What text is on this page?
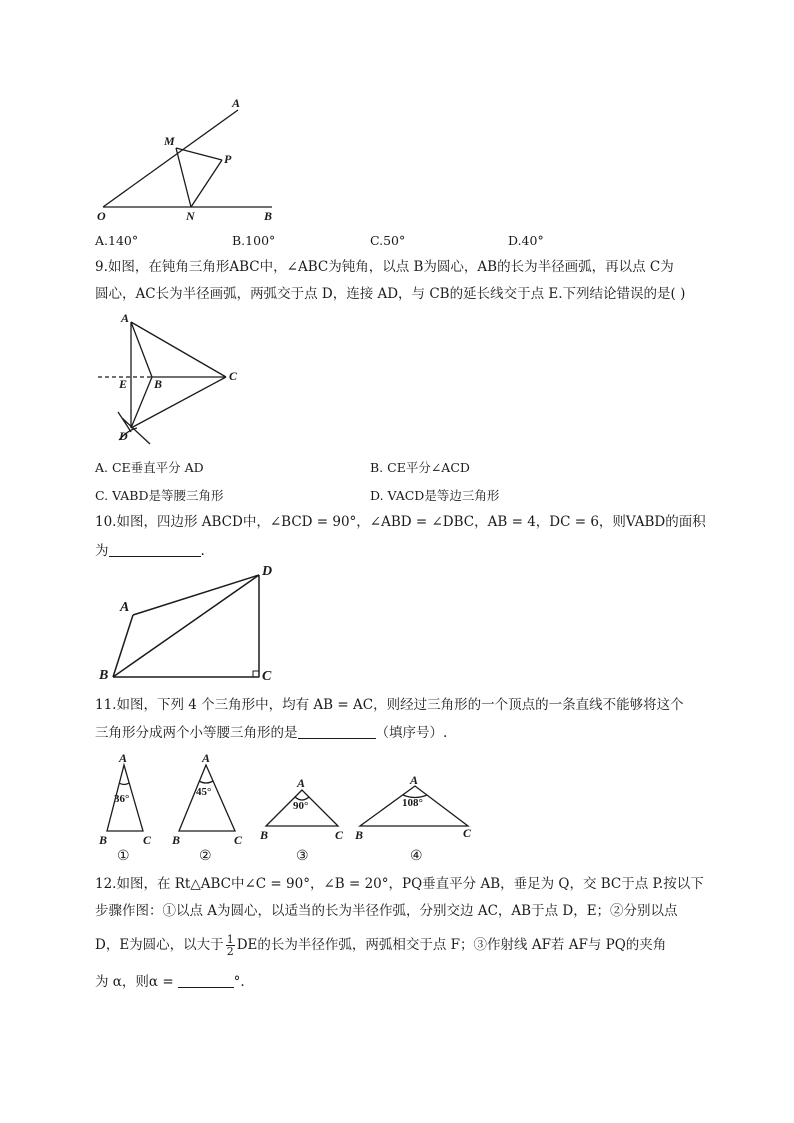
A
M
P
O	N	B
A.140°	B.100°	C.50°	D.40°
9.如图，在钝角三角形ABC中，∠ABC为钝角，以点 B为圆心，AB的长为半径画弧，再以点 C为
圆心，AC长为半径画弧，两弧交于点 D，连接 AD，与 CB的延长线交于点 E.下列结论错误的是( )
A
E B
C
D
A. CE垂直平分 AD	B. CE平分∠ACD
C. VABD是等腰三角形	D. VACD是等边三角形
10.如图，四边形 ABCD中，∠BCD = 90°，∠ABD = ∠DBC，AB = 4，DC = 6，则VABD的面积
为	.
A
B	C
D
11.如图，下列 4 个三角形中，均有 AB = AC，则经过三角形的一个顶点的一条直线不能够将这个
三角形分成两个小等腰三角形的是	（填序号）.
A
B	C
36°
①
A
B	C
45°
②
A
B	C
90°
③
A
B	C
108°
④
12.如图，在 Rt△ABC中∠C = 90°，∠B = 20°，PQ垂直平分 AB，垂足为 Q，交 BC于点 P.按以下
步骤作图：①以点 A为圆心，以适当的长为半径作弧，分别交边 AC，AB于点 D，E；②分别以点
D，E为圆心，以大于 $\frac{1}{2}$ DE的长为半径作弧，两弧相交于点 F；③作射线 AF若 AF与 PQ的夹角
为 α，则α =	°.
